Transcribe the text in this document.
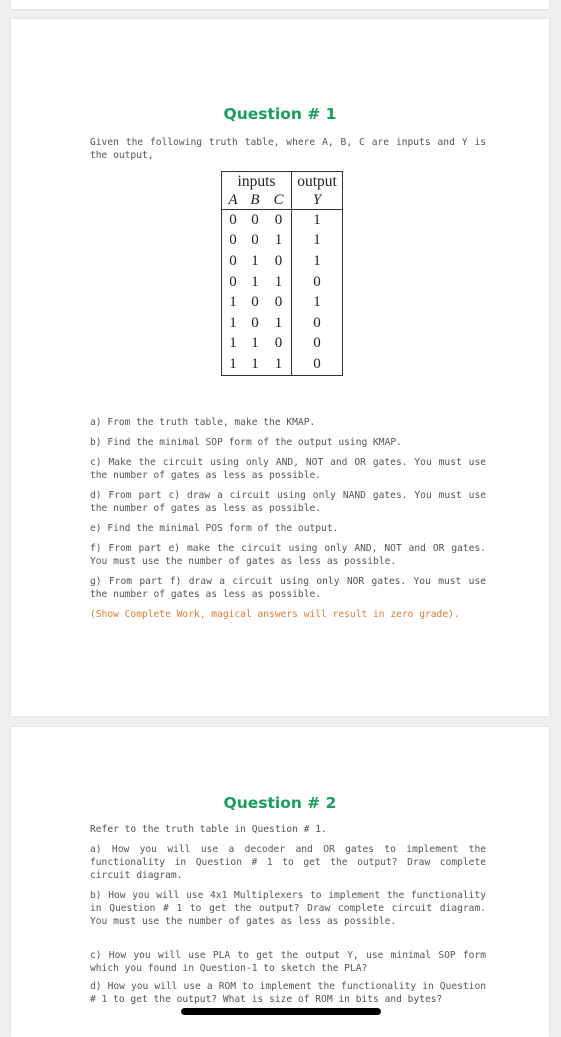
Question # 1

Given the following truth table, where A, B, C are inputs and Y is the output,

inputs			output
A	B	C	Y
0	0	0	1
0	0	1	1
0	1	0	1
0	1	1	0
1	0	0	1
1	0	1	0
1	1	0	0
1	1	1	0

a) From the truth table, make the KMAP.

b) Find the minimal SOP form of the output using KMAP.

c) Make the circuit using only AND, NOT and OR gates. You must use the number of gates as less as possible.

d) From part c) draw a circuit using only NAND gates. You must use the number of gates as less as possible.

e) Find the minimal POS form of the output.

f) From part e) make the circuit using only AND, NOT and OR gates. You must use the number of gates as less as possible.

g) From part f) draw a circuit using only NOR gates. You must use the number of gates as less as possible.

(Show Complete Work, magical answers will result in zero grade).

Question # 2

Refer to the truth table in Question # 1.

a) How you will use a decoder and OR gates to implement the functionality in Question # 1 to get the output? Draw complete circuit diagram.

b) How you will use 4x1 Multiplexers to implement the functionality in Question # 1 to get the output? Draw complete circuit diagram. You must use the number of gates as less as possible.

c) How you will use PLA to get the output Y, use minimal SOP form which you found in Question-1 to sketch the PLA?

d) How you will use a ROM to implement the functionality in Question # 1 to get the output? What is size of ROM in bits and bytes?
